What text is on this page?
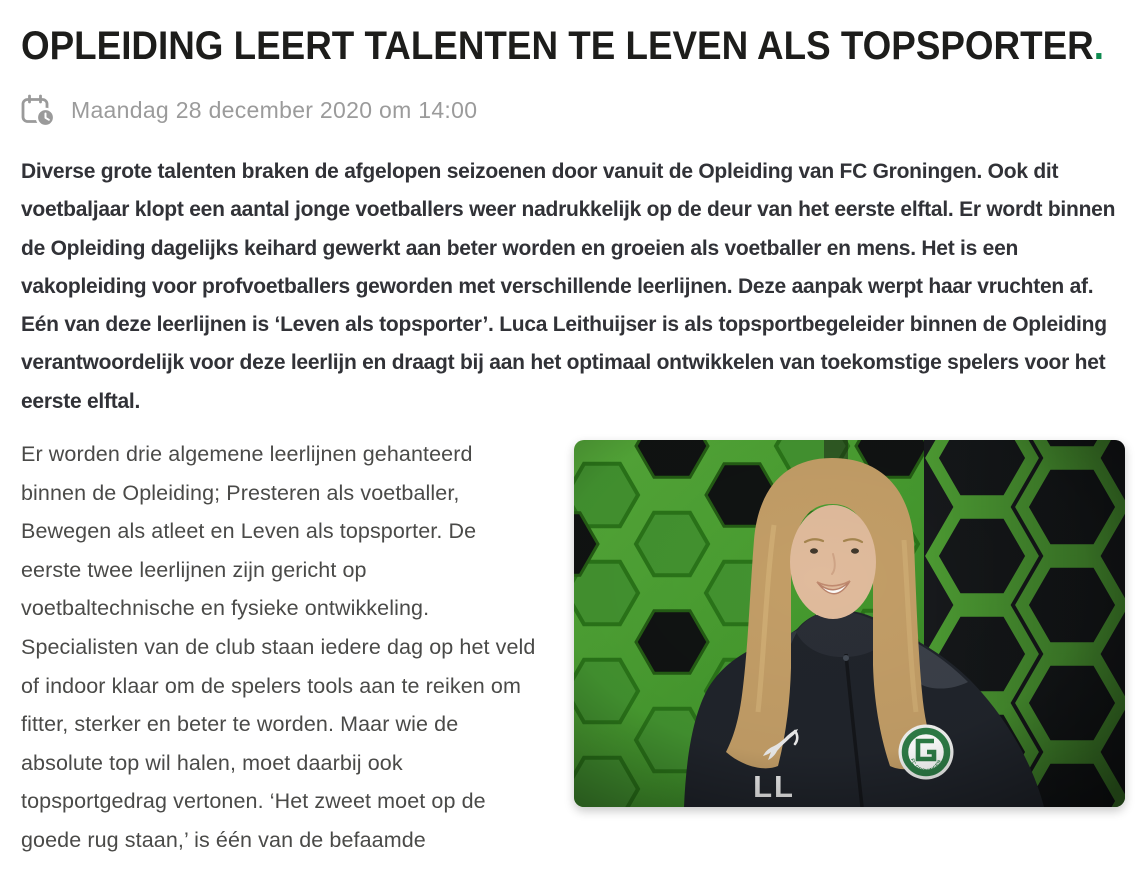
OPLEIDING LEERT TALENTEN TE LEVEN ALS TOPSPORTER.
Maandag 28 december 2020 om 14:00

Diverse grote talenten braken de afgelopen seizoenen door vanuit de Opleiding van FC Groningen. Ook dit voetbaljaar klopt een aantal jonge voetballers weer nadrukkelijk op de deur van het eerste elftal. Er wordt binnen de Opleiding dagelijks keihard gewerkt aan beter worden en groeien als voetballer en mens. Het is een vakopleiding voor profvoetballers geworden met verschillende leerlijnen. Deze aanpak werpt haar vruchten af. Eén van deze leerlijnen is ‘Leven als topsporter’. Luca Leithuijser is als topsportbegeleider binnen de Opleiding verantwoordelijk voor deze leerlijn en draagt bij aan het optimaal ontwikkelen van toekomstige spelers voor het eerste elftal.

Er worden drie algemene leerlijnen gehanteerd binnen de Opleiding; Presteren als voetballer, Bewegen als atleet en Leven als topsporter. De eerste twee leerlijnen zijn gericht op voetbaltechnische en fysieke ontwikkeling. Specialisten van de club staan iedere dag op het veld of indoor klaar om de spelers tools aan te reiken om fitter, sterker en beter te worden. Maar wie de absolute top wil halen, moet daarbij ook topsportgedrag vertonen. ‘Het zweet moet op de goede rug staan,’ is één van de befaamde
